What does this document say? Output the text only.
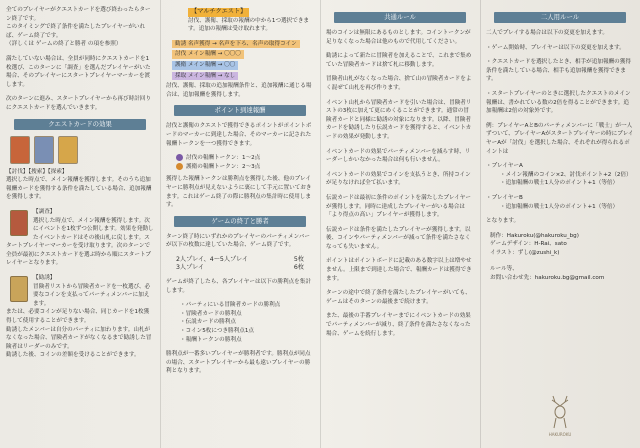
全てのプレイヤーがクエストカードを選び終わったらターン終了です。
このタイミングで終了条件を満たしたプレイヤーがいれば、ゲーム終了です。
（詳しくは ゲームの終了と勝者 の項を参照）

満たしていない場合は、全員が同時にクエストカードを1枚選び、このターンに「調査」を選んだプレイヤーがいた場合、そのプレイヤーにスタートプレイヤーマーカーを渡します。

次のターンに進み、スタートプレイヤーから再び時計回りにクエストカードを選んでいきます。

クエストカードの効果

【討伐】【捜索】【探索】
選択した時点で、メイン報酬を獲得します。そのうち追加報酬カードを獲得する条件を満たしている場合、追加報酬を獲得します。

【調査】
選択した時点で、メイン報酬を獲得します。次にイベントを1枚ずつ公開します。効果を発動したイベントカードはその後山札に戻します。スタートプレイヤーマーカーを受け取ります。次のターンで全員が最初にクエストカードを選ぶ時から順にスタートプレイヤーとなります。

【勧誘】
冒険者リストから冒険者カードを一枚選び、必要なコインを支払ってパーティメンバーに加えます。
または、必要コインが足りない場合、同じカードを1枚獲得して使用することができます。
勧誘したメンバーは自分のパーティに加わります。山札がなくなった場合、冒険者カードがなくなるまで勧誘した冒険者はリーダーのみです。
勧誘した後、コインの差額を受けることができます。

【マルチクエスト】

討伐、護衛、採取の報酬の中から1つ選択できます。追加の報酬は受け取れます。

勧誘 名声獲得 → 名声を下ろ、名声の取得コイン
討伐 メイン報酬 → 〇〇〇
護衛 メイン報酬 → 〇〇
採取 メイン報酬 → なし

討伐、護衛、採取の追加報酬条件と、追加報酬に通じる場合は、追加報酬を獲得します。

ポイント到達報酬

討伐と護衛のクエストで獲得できるポイントがポイントボードのマーカーに到達した場合、そのマーカーに記された報酬トークンを一つ獲得できます。

討伐の報酬トークン：1〜2点
護衛の報酬トークン：2〜3点

獲得した報酬トークンは勝利点を獲得した後、他のプレイヤーに勝利点が見えないように裏にして手元に置いておきます。これはゲーム終了の際に勝利点の集計時に使用します。

ゲームの終了と勝者

ターン終了時にいずれかのプレイヤーのパーティメンバーが以下の枚数に達していた場合、ゲーム終了です。

2人プレイ、4〜5人プレイ	5枚
3人プレイ	6枚

ゲームが終了したら、各プレイヤーは以下の勝利点を集計します。

・ パーティにいる冒険者カードの勝利点
・ 冒険者カードの勝利点
・ 伝説カードの勝利点
・ コイン5枚につき勝利点1点
・ 報酬トークンの勝利点

勝利点が一番多いプレイヤーが勝利者です。勝利点が同点の場合、スタートプレイヤーから最も遠いプレイヤーの勝利となります。

共通ルール

場のコインは無限にあるものとします。コイントークンが足りなくなった場合は他のもので代用してください。

勧誘によって新たに冒険者を加えることで、これまで集めていた冒険者カードは捨て札に移動します。

冒険者山札がなくなった場合、捨て山の冒険者カードをよく混ぜて山札を再び作ります。

イベント山札から冒険者カードを引いた場合は、冒険者リストの3枚に加えて更にめくることができます。通常の冒険者カードと同様に勧誘の対象になります。以降、冒険者カードを勧誘したり伝説カードを獲得すると、イベントカードの効果が発動します。

イベントカードの効果でパーティメンバーを減らす時、リーダーしかいなかった場合は何も行いません。

イベントカードの効果でコインを支払うとき、所持コインが足りなければ全て払います。

伝説カードは最初に条件のポイントを満たしたプレイヤーが獲得します。同時に達成したプレイヤーがいる場合は「より得点の高い」プレイヤーが獲得します。

伝説カードは条件を満たしたプレイヤーが獲得します。以後、コインやパーティメンバーが減って条件を満たさなくなっても失いません。

ポイントはポイントボードに記載のある数字以上は増やせません。上限まで到達した場合で、報酬カードは獲得できます。

ターンの途中で終了条件を満たしたプレイヤーがいても、ゲームはそのターンの最後まで続けます。

また、最後の手番プレイヤーまでにイベントカードの効果でパーティメンバーが減り、終了条件を満たさなくなった場合、ゲームを続行します。

二人用ルール

二人でプレイする場合は以下の変更を加えます。

・ゲーム開始時、プレイヤーは以下の変更を加えます。

・クエストカードを選択したとき、相手が追加報酬の獲得条件を満たしている場合、相手も追加報酬を獲得できます。

・スタートプレイヤーのときに選択したクエストのメイン報酬は、書かれている数の2倍を得ることができます。追加報酬は2倍の対象外です。

例：プレイヤーAとBのパーティメンバーに「戦士」が一人ずついて、プレイヤーAがスタートプレイヤーの時にプレイヤーAが「討伐」を選択した場合、それぞれが得られるポイントは

・プレイヤーA
・ メイン報酬のコイン×2、討伐ポイント+2（2倍）
・ 追加報酬の戦士1人分のポイント+1（等倍）
・プレイヤーB
・ 追加報酬の戦士1人分のポイント+1（等倍）

となります。

制作：Hakuroku(@hakuroku_bg)
ゲームデザイン：H-Rai、sato
イラスト：ずし(@zushi_k)

ルール等、
お問い合わせ先：hakuroku.bg@gmail.com

HAKUROKU
